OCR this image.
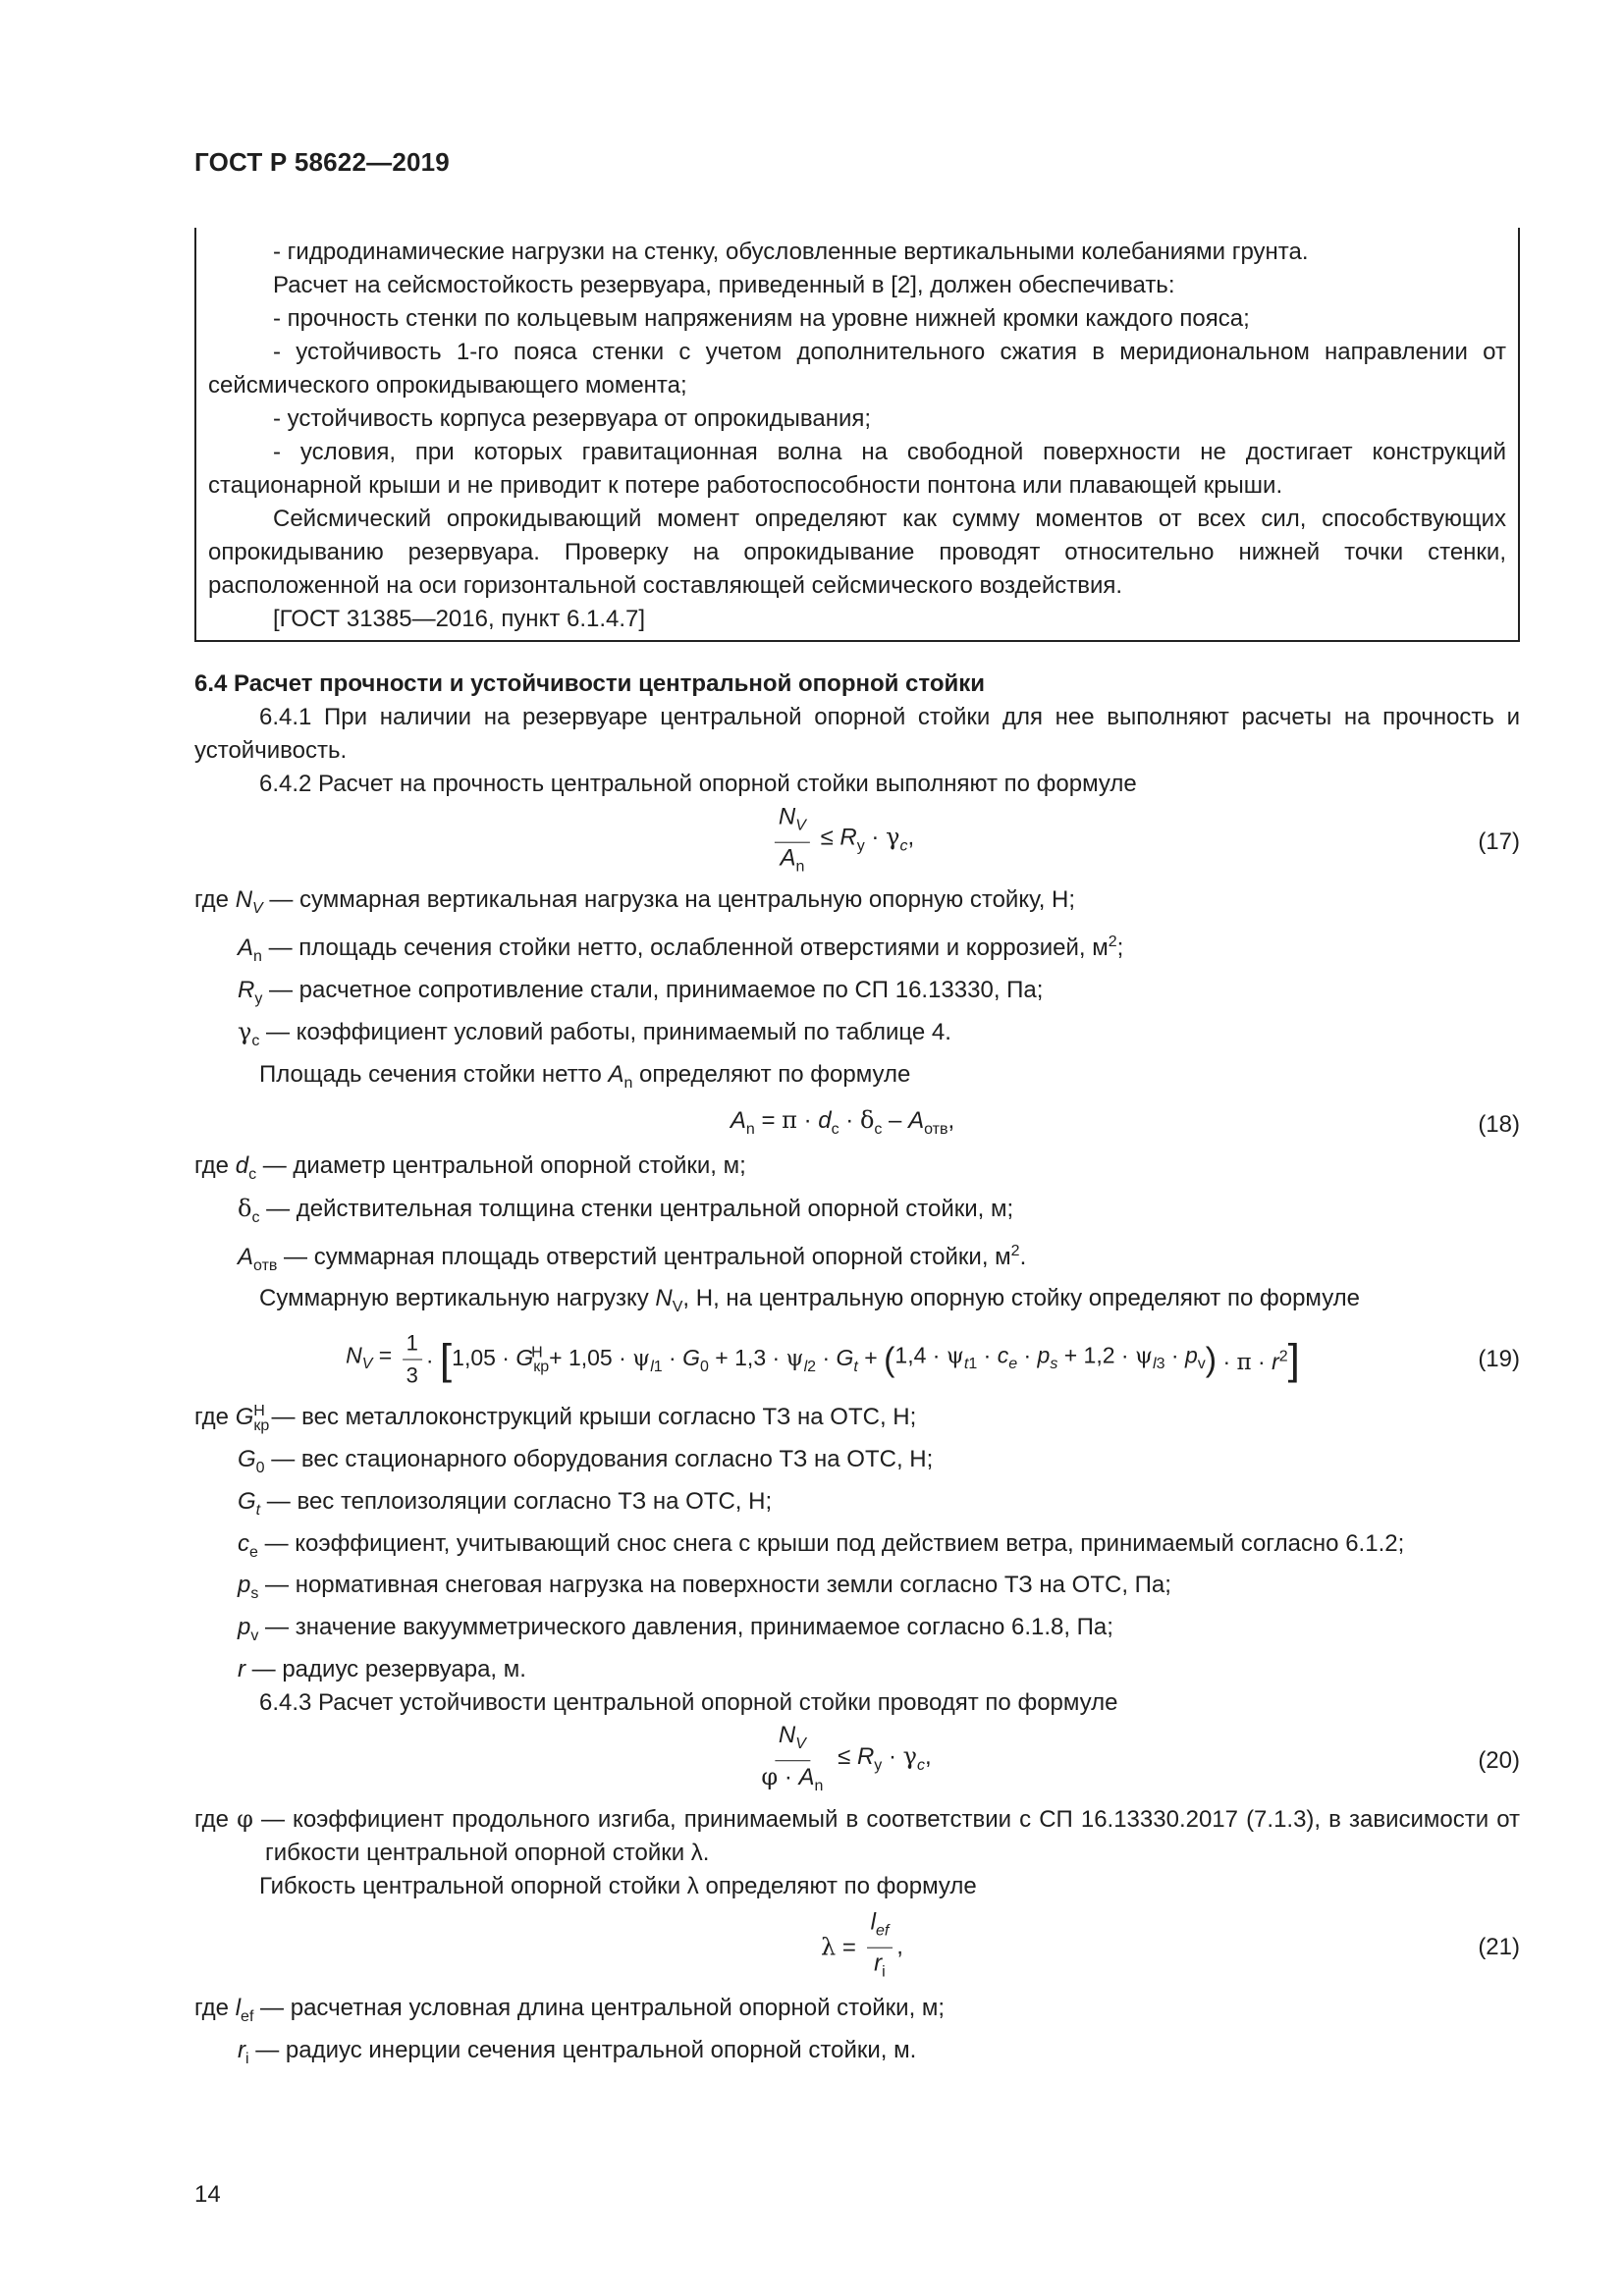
ГОСТ Р 58622—2019

- гидродинамические нагрузки на стенку, обусловленные вертикальными колебаниями грунта.

Расчет на сейсмостойкость резервуара, приведенный в [2], должен обеспечивать:

- прочность стенки по кольцевым напряжениям на уровне нижней кромки каждого пояса;

- устойчивость 1-го пояса стенки с учетом дополнительного сжатия в меридиональном направлении от сейсмического опрокидывающего момента;

- устойчивость корпуса резервуара от опрокидывания;

- условия, при которых гравитационная волна на свободной поверхности не достигает конструкций стационарной крыши и не приводит к потере работоспособности понтона или плавающей крыши.

Сейсмический опрокидывающий момент определяют как сумму моментов от всех сил, способствующих опрокидыванию резервуара. Проверку на опрокидывание проводят относительно нижней точки стенки, расположенной на оси горизонтальной составляющей сейсмического воздействия.

[ГОСТ 31385—2016, пункт 6.1.4.7]

6.4 Расчет прочности и устойчивости центральной опорной стойки

6.4.1 При наличии на резервуаре центральной опорной стойки для нее выполняют расчеты на прочность и устойчивость.

6.4.2 Расчет на прочность центральной опорной стойки выполняют по формуле

$\frac{N_V}{A_n} \le R_y \cdot \gamma_c$,	(17)

где $N_V$ — суммарная вертикальная нагрузка на центральную опорную стойку, Н;

$A_n$ — площадь сечения стойки нетто, ослабленной отверстиями и коррозией, $м^2$;

$R_y$ — расчетное сопротивление стали, принимаемое по СП 16.13330, Па;

$\gamma_c$ — коэффициент условий работы, принимаемый по таблице 4.

Площадь сечения стойки нетто $A_n$ определяют по формуле

$A_n = \pi \cdot d_c \cdot \delta_c - A_{отв}$,	(18)

где $d_c$ — диаметр центральной опорной стойки, м;

$\delta_c$ — действительная толщина стенки центральной опорной стойки, м;

$A_{отв}$ — суммарная площадь отверстий центральной опорной стойки, $м^2$.

Суммарную вертикальную нагрузку $N_V$, Н, на центральную опорную стойку определяют по формуле

$N_V = \frac{1}{3}$ · [ $1,05 \cdot G_{кр}^Н + 1,05 \cdot \psi_{l1} \cdot G_0 + 1,3 \cdot \psi_{l2} \cdot G_t$ + ( $1,4 \cdot \psi_{t1} \cdot c_e \cdot p_s + 1,2 \cdot \psi_{l3} \cdot p_v$ ) · $\pi \cdot r^2$ ]	(19)

где $G_{кр}^Н$ — вес металлоконструкций крыши согласно ТЗ на ОТС, Н;

$G_0$ — вес стационарного оборудования согласно ТЗ на ОТС, Н;

$G_t$ — вес теплоизоляции согласно ТЗ на ОТС, Н;

$c_e$ — коэффициент, учитывающий снос снега с крыши под действием ветра, принимаемый согласно 6.1.2;

$p_s$ — нормативная снеговая нагрузка на поверхности земли согласно ТЗ на ОТС, Па;

$p_v$ — значение вакуумметрического давления, принимаемое согласно 6.1.8, Па;

r — радиус резервуара, м.

6.4.3 Расчет устойчивости центральной опорной стойки проводят по формуле

$\frac{N_V}{\varphi \cdot A_n} \le R_y \cdot \gamma_c$,	(20)

где φ — коэффициент продольного изгиба, принимаемый в соответствии с СП 16.13330.2017 (7.1.3), в зависимости от гибкости центральной опорной стойки λ.

Гибкость центральной опорной стойки λ определяют по формуле

$\lambda = \frac{l_{ef}}{r_i}$ ,	(21)

где $l_{ef}$ — расчетная условная длина центральной опорной стойки, м;

$r_i$ — радиус инерции сечения центральной опорной стойки, м.

14
